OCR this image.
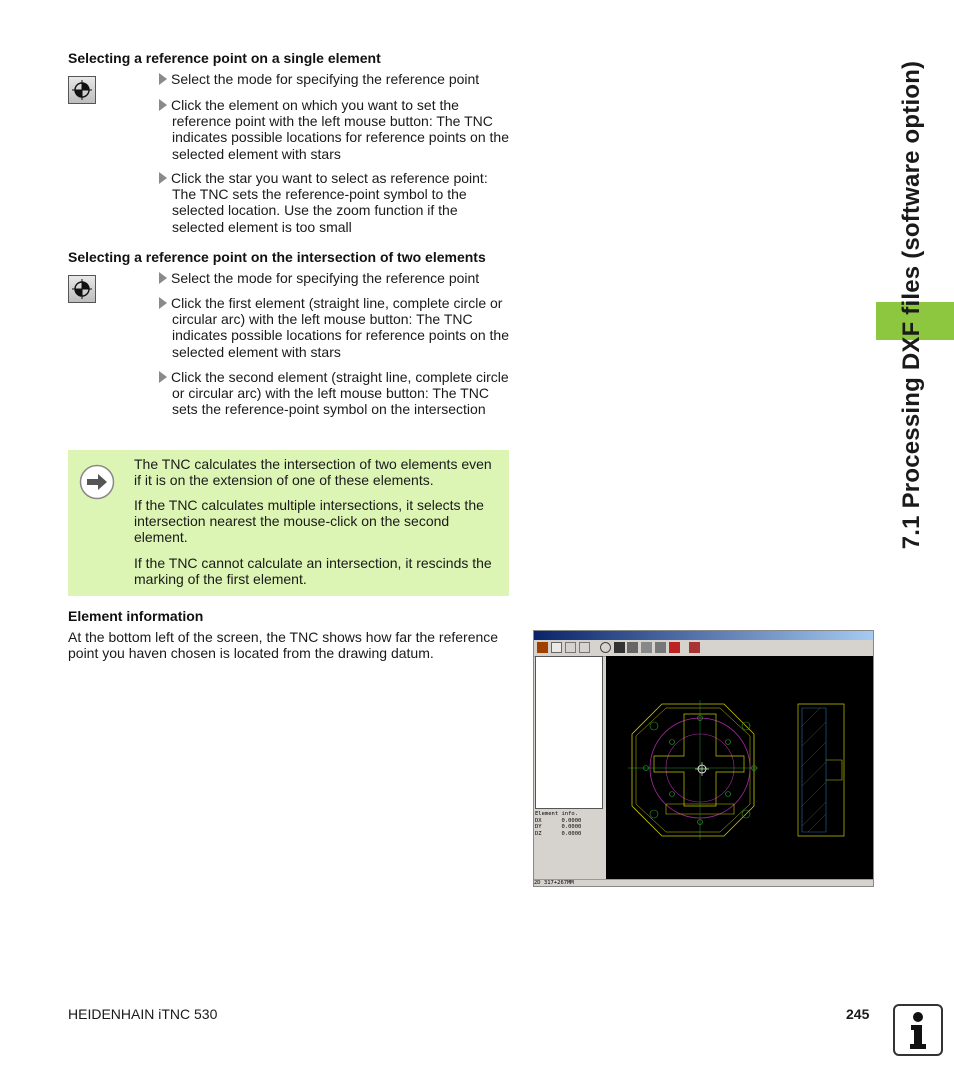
Selecting a reference point on a single element
Select the mode for specifying the reference point
Click the element on which you want to set the reference point with the left mouse button: The TNC indicates possible locations for reference points on the selected element with stars
Click the star you want to select as reference point: The TNC sets the reference-point symbol to the selected location. Use the zoom function if the selected element is too small
Selecting a reference point on the intersection of two elements
Select the mode for specifying the reference point
Click the first element (straight line, complete circle or circular arc) with the left mouse button: The TNC indicates possible locations for reference points on the selected element with stars
Click the second element (straight line, complete circle or circular arc) with the left mouse button: The TNC sets the reference-point symbol on the intersection

The TNC calculates the intersection of two elements even if it is on the extension of one of these elements.

If the TNC calculates multiple intersections, it selects the intersection nearest the mouse-click on the second element.

If the TNC cannot calculate an intersection, it rescinds the marking of the first element.

Element information
At the bottom left of the screen, the TNC shows how far the reference point you haven chosen is located from the drawing datum.
Element info.
DX	0.0000
DY	0.0000
DZ	0.0000
2D 317+267MM
7.1 Processing DXF files (software option)
HEIDENHAIN iTNC 530	245
